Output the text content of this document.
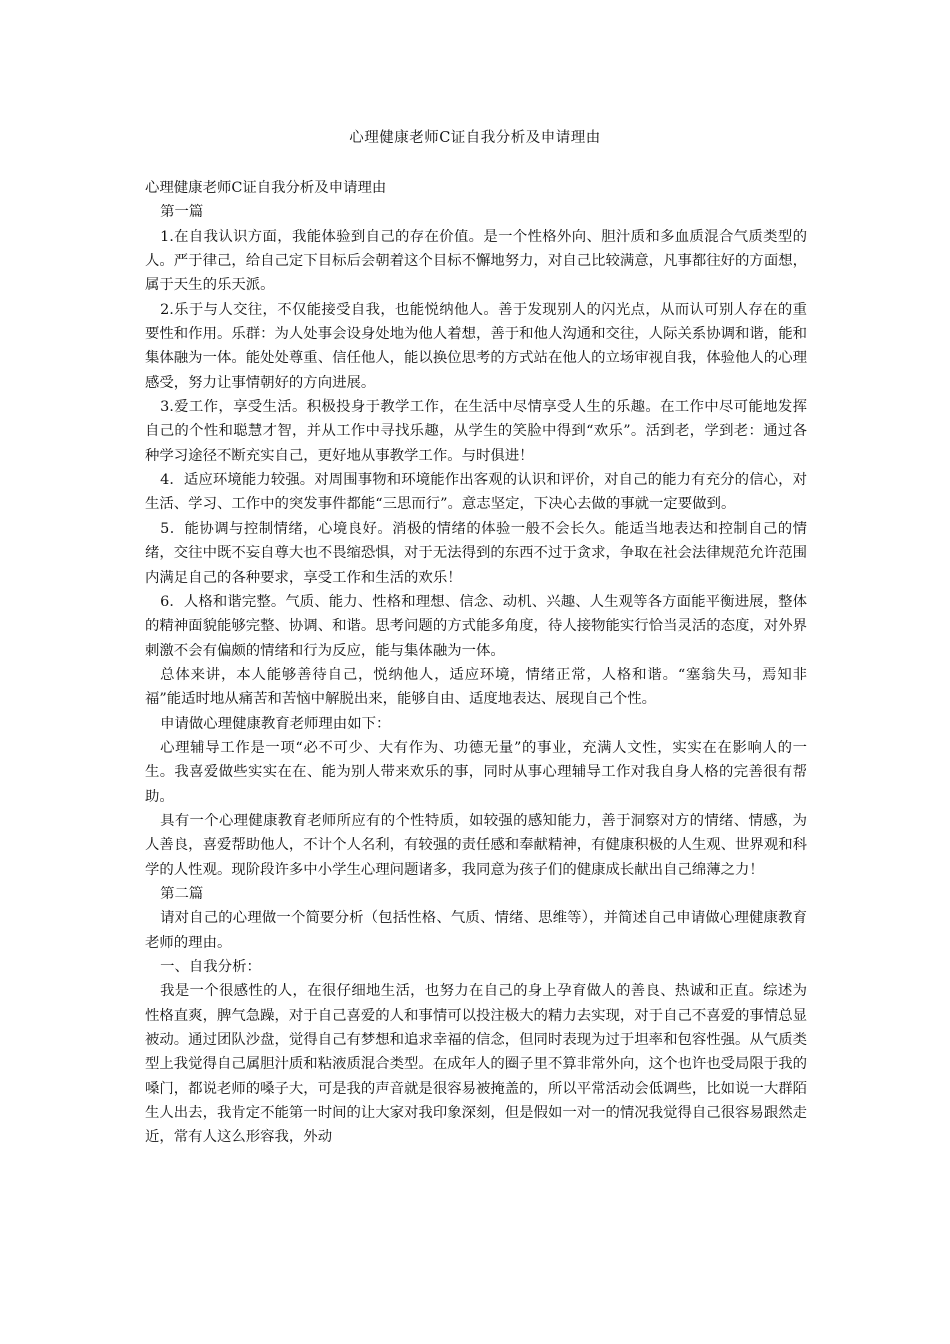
心理健康老师C证自我分析及申请理由

心理健康老师C证自我分析及申请理由

第一篇

1.在自我认识方面，我能体验到自己的存在价值。是一个性格外向、胆汁质和多血质混合气质类型的人。严于律己，给自己定下目标后会朝着这个目标不懈地努力，对自己比较满意，凡事都往好的方面想，属于天生的乐天派。

2.乐于与人交往，不仅能接受自我，也能悦纳他人。善于发现别人的闪光点，从而认可别人存在的重要性和作用。乐群：为人处事会设身处地为他人着想，善于和他人沟通和交往，人际关系协调和谐，能和集体融为一体。能处处尊重、信任他人，能以换位思考的方式站在他人的立场审视自我，体验他人的心理感受，努力让事情朝好的方向进展。

3.爱工作，享受生活。积极投身于教学工作，在生活中尽情享受人生的乐趣。在工作中尽可能地发挥自己的个性和聪慧才智，并从工作中寻找乐趣，从学生的笑脸中得到“欢乐”。活到老，学到老：通过各种学习途径不断充实自己，更好地从事教学工作。与时俱进！

4．适应环境能力较强。对周围事物和环境能作出客观的认识和评价，对自己的能力有充分的信心，对生活、学习、工作中的突发事件都能“三思而行”。意志坚定，下决心去做的事就一定要做到。

5．能协调与控制情绪，心境良好。消极的情绪的体验一般不会长久。能适当地表达和控制自己的情绪，交往中既不妄自尊大也不畏缩恐惧，对于无法得到的东西不过于贪求，争取在社会法律规范允许范围内满足自己的各种要求，享受工作和生活的欢乐！

6．人格和谐完整。气质、能力、性格和理想、信念、动机、兴趣、人生观等各方面能平衡进展，整体的精神面貌能够完整、协调、和谐。思考问题的方式能多角度，待人接物能实行恰当灵活的态度，对外界刺激不会有偏颇的情绪和行为反应，能与集体融为一体。

总体来讲，本人能够善待自己，悦纳他人，适应环境，情绪正常，人格和谐。“塞翁失马，焉知非福”能适时地从痛苦和苦恼中解脱出来，能够自由、适度地表达、展现自己个性。

申请做心理健康教育老师理由如下：

心理辅导工作是一项“必不可少、大有作为、功德无量”的事业，充满人文性，实实在在影响人的一生。我喜爱做些实实在在、能为别人带来欢乐的事，同时从事心理辅导工作对我自身人格的完善很有帮助。

具有一个心理健康教育老师所应有的个性特质，如较强的感知能力，善于洞察对方的情绪、情感，为人善良，喜爱帮助他人，不计个人名利，有较强的责任感和奉献精神，有健康积极的人生观、世界观和科学的人性观。现阶段许多中小学生心理问题诸多，我同意为孩子们的健康成长献出自己绵薄之力！

第二篇

请对自己的心理做一个简要分析（包括性格、气质、情绪、思维等），并简述自己申请做心理健康教育老师的理由。

一、自我分析：

我是一个很感性的人，在很仔细地生活，也努力在自己的身上孕育做人的善良、热诚和正直。综述为性格直爽，脾气急躁，对于自己喜爱的人和事情可以投注极大的精力去实现，对于自己不喜爱的事情总显被动。通过团队沙盘，觉得自己有梦想和追求幸福的信念，但同时表现为过于坦率和包容性强。从气质类型上我觉得自己属胆汁质和粘液质混合类型。在成年人的圈子里不算非常外向，这个也许也受局限于我的嗓门，都说老师的嗓子大，可是我的声音就是很容易被掩盖的，所以平常活动会低调些，比如说一大群陌生人出去，我肯定不能第一时间的让大家对我印象深刻，但是假如一对一的情况我觉得自己很容易跟然走近，常有人这么形容我，外动
